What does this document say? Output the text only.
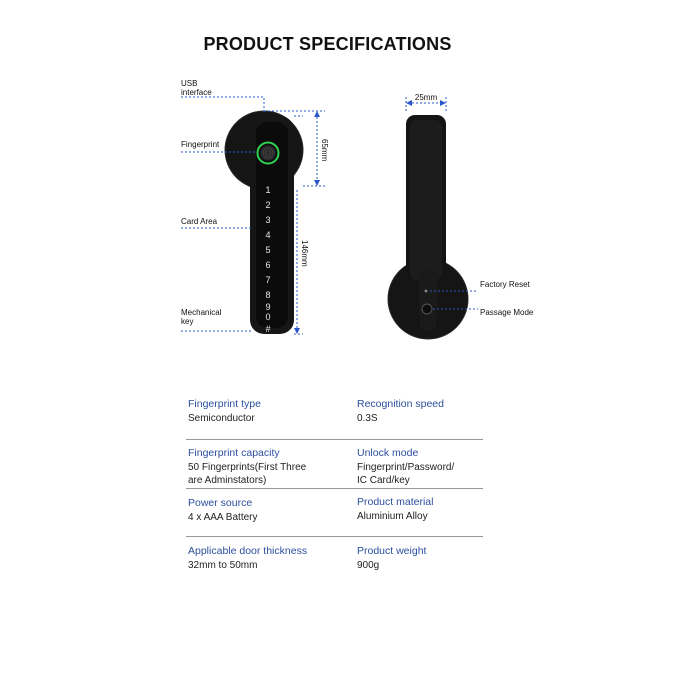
PRODUCT SPECIFICATIONS
1
2
3
4
5
6
7
8
9
0
#
USB
interface
Fingerprint
Card Area
Mechanical
key
65mm
146mm
25mm
Factory Reset
Passage Mode
Fingerprint type
Semiconductor
Recognition speed
0.3S
Fingerprint capacity
50 Fingerprints(First Three
are Adminstators)
Unlock mode
Fingerprint/Password/
IC Card/key
Power source
4 x AAA Battery
Product material
Aluminium Alloy
Applicable door thickness
32mm to 50mm
Product weight
900g
